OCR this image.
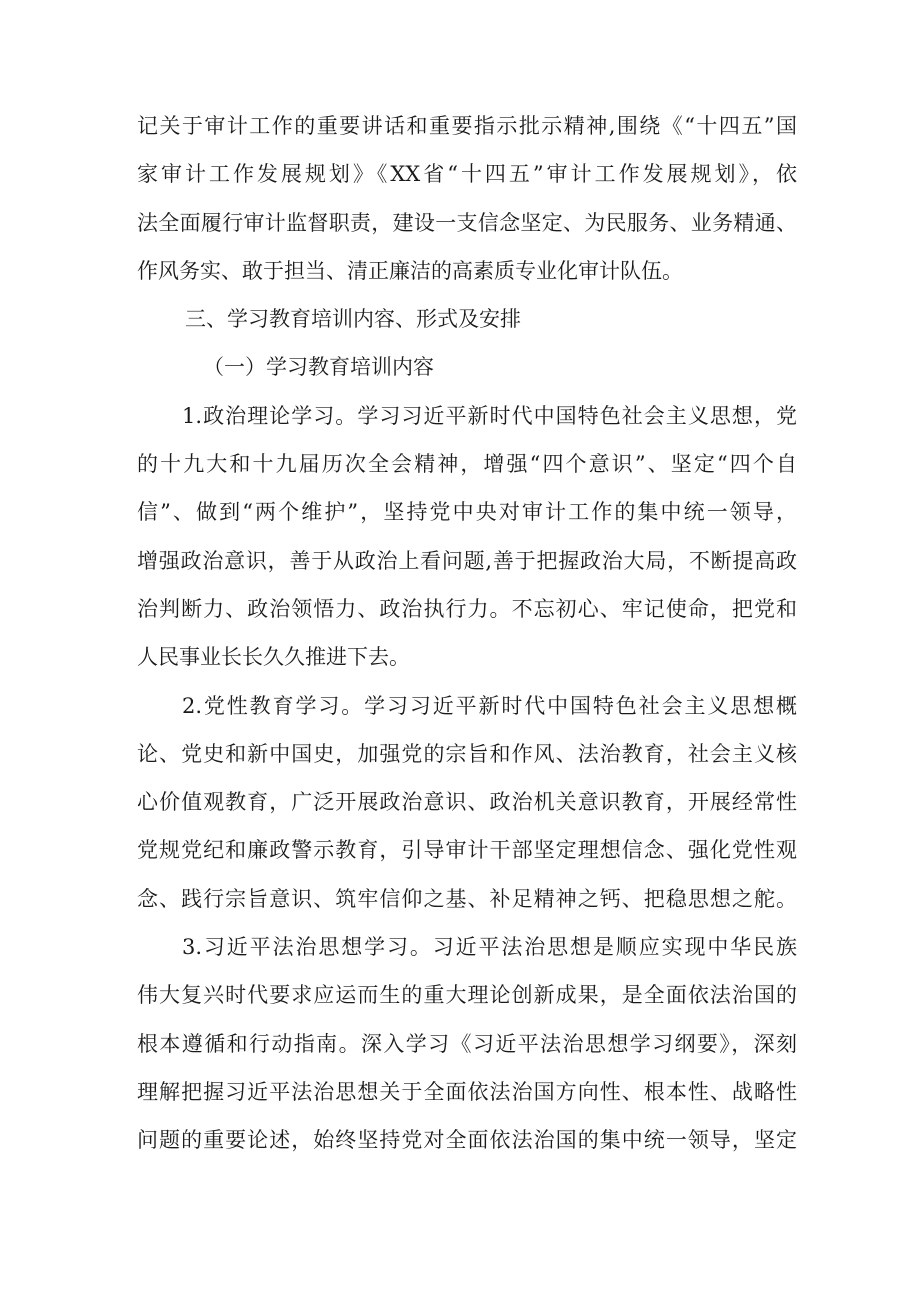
记关于审计工作的重要讲话和重要指示批示精神,围绕《“十四五”国
家审计工作发展规划》《XX省“十四五”审计工作发展规划》，依
法全面履行审计监督职责，建设一支信念坚定、为民服务、业务精通、
作风务实、敢于担当、清正廉洁的高素质专业化审计队伍。
三、学习教育培训内容、形式及安排
（一）学习教育培训内容
1.政治理论学习。学习习近平新时代中国特色社会主义思想，党
的十九大和十九届历次全会精神，增强“四个意识”、坚定“四个自
信”、做到“两个维护”，坚持党中央对审计工作的集中统一领导，
增强政治意识，善于从政治上看问题,善于把握政治大局，不断提高政
治判断力、政治领悟力、政治执行力。不忘初心、牢记使命，把党和
人民事业长长久久推进下去。
2.党性教育学习。学习习近平新时代中国特色社会主义思想概
论、党史和新中国史，加强党的宗旨和作风、法治教育，社会主义核
心价值观教育，广泛开展政治意识、政治机关意识教育，开展经常性
党规党纪和廉政警示教育，引导审计干部坚定理想信念、强化党性观
念、践行宗旨意识、筑牢信仰之基、补足精神之钙、把稳思想之舵。
3.习近平法治思想学习。习近平法治思想是顺应实现中华民族
伟大复兴时代要求应运而生的重大理论创新成果，是全面依法治国的
根本遵循和行动指南。深入学习《习近平法治思想学习纲要》，深刻
理解把握习近平法治思想关于全面依法治国方向性、根本性、战略性
问题的重要论述，始终坚持党对全面依法治国的集中统一领导，坚定
